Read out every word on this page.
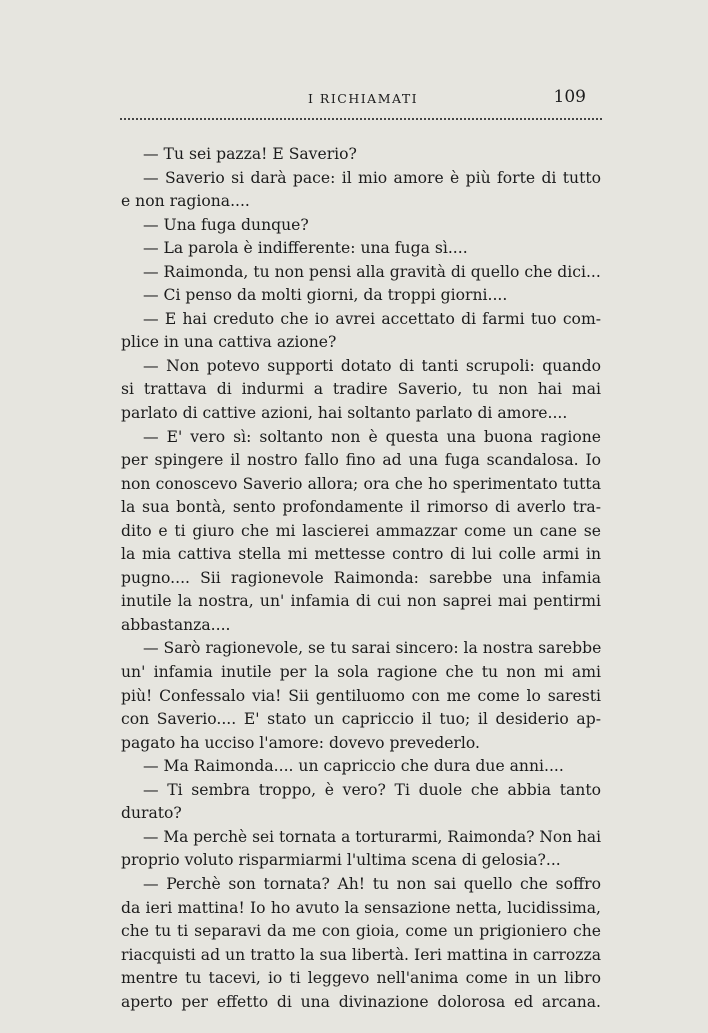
I RICHIAMATI	109
— Tu sei pazza! E Saverio?
— Saverio si darà pace: il mio amore è più forte di tutto
e non ragiona....
— Una fuga dunque?
— La parola è indifferente: una fuga sì....
— Raimonda, tu non pensi alla gravità di quello che dici...
— Ci penso da molti giorni, da troppi giorni....
— E hai creduto che io avrei accettato di farmi tuo com-
plice in una cattiva azione?
— Non potevo supporti dotato di tanti scrupoli: quando
si trattava di indurmi a tradire Saverio, tu non hai mai
parlato di cattive azioni, hai soltanto parlato di amore....
— E' vero sì: soltanto non è questa una buona ragione
per spingere il nostro fallo fino ad una fuga scandalosa. Io
non conoscevo Saverio allora; ora che ho sperimentato tutta
la sua bontà, sento profondamente il rimorso di averlo tra-
dito e ti giuro che mi lascierei ammazzar come un cane se
la mia cattiva stella mi mettesse contro di lui colle armi in
pugno.... Sii ragionevole Raimonda: sarebbe una infamia
inutile la nostra, un' infamia di cui non saprei mai pentirmi
abbastanza....
— Sarò ragionevole, se tu sarai sincero: la nostra sarebbe
un' infamia inutile per la sola ragione che tu non mi ami
più! Confessalo via! Sii gentiluomo con me come lo saresti
con Saverio.... E' stato un capriccio il tuo; il desiderio ap-
pagato ha ucciso l'amore: dovevo prevederlo.
— Ma Raimonda.... un capriccio che dura due anni....
— Ti sembra troppo, è vero? Ti duole che abbia tanto
durato?
— Ma perchè sei tornata a torturarmi, Raimonda? Non hai
proprio voluto risparmiarmi l'ultima scena di gelosia?...
— Perchè son tornata? Ah! tu non sai quello che soffro
da ieri mattina! Io ho avuto la sensazione netta, lucidissima,
che tu ti separavi da me con gioia, come un prigioniero che
riacquisti ad un tratto la sua libertà. Ieri mattina in carrozza
mentre tu tacevi, io ti leggevo nell'anima come in un libro
aperto per effetto di una divinazione dolorosa ed arcana.
